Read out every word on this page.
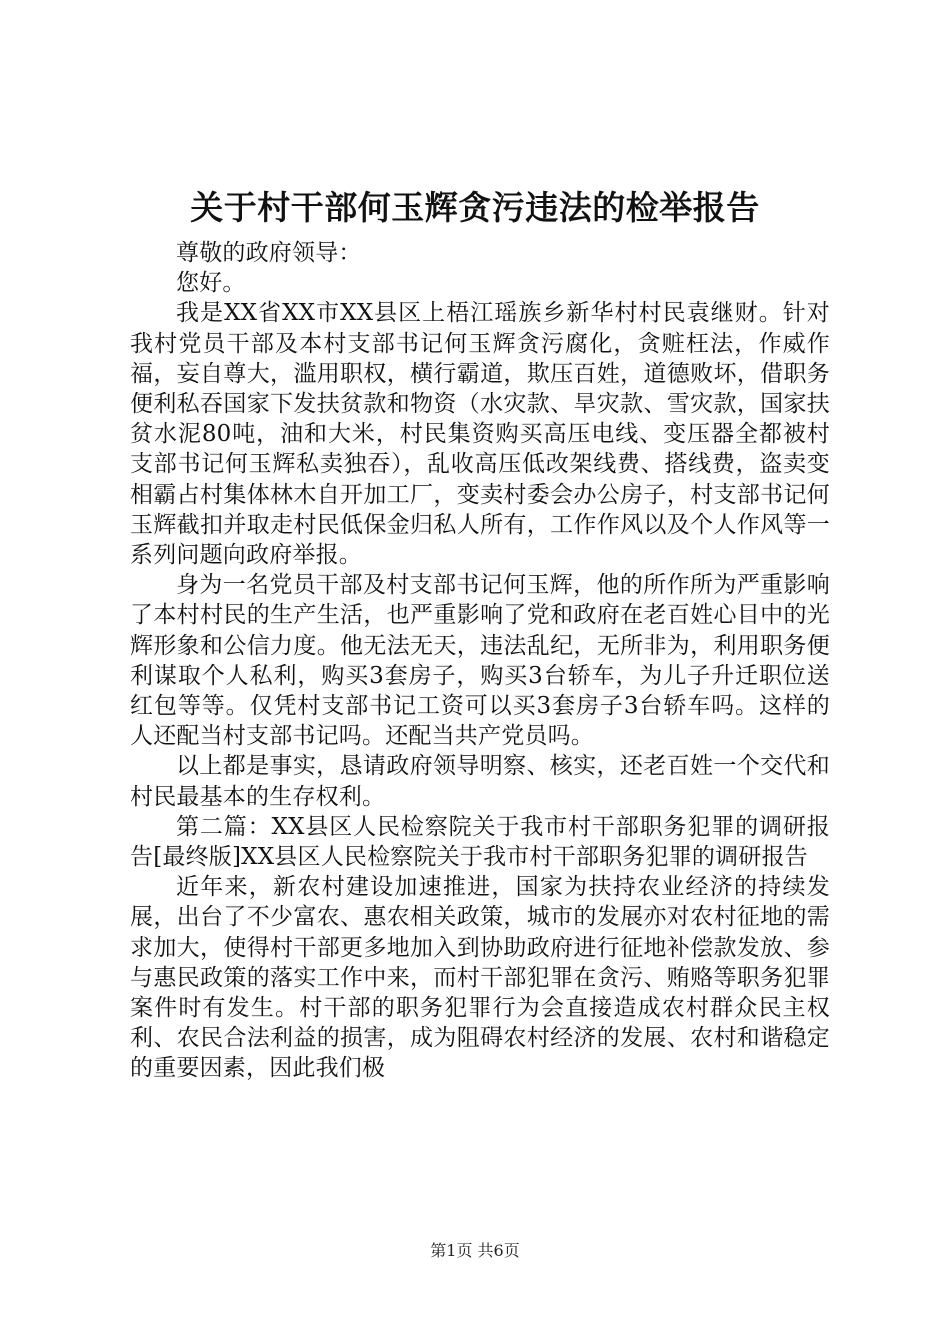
关于村干部何玉辉贪污违法的检举报告

尊敬的政府领导：

您好。

我是XX省XX市XX县区上梧江瑶族乡新华村村民袁继财。针对我村党员干部及本村支部书记何玉辉贪污腐化，贪赃枉法，作威作福，妄自尊大，滥用职权，横行霸道，欺压百姓，道德败坏，借职务便利私吞国家下发扶贫款和物资（水灾款、旱灾款、雪灾款，国家扶贫水泥80吨，油和大米，村民集资购买高压电线、变压器全都被村支部书记何玉辉私卖独吞），乱收高压低改架线费、搭线费，盗卖变相霸占村集体林木自开加工厂，变卖村委会办公房子，村支部书记何玉辉截扣并取走村民低保金归私人所有，工作作风以及个人作风等一系列问题向政府举报。

身为一名党员干部及村支部书记何玉辉，他的所作所为严重影响了本村村民的生产生活，也严重影响了党和政府在老百姓心目中的光辉形象和公信力度。他无法无天，违法乱纪，无所非为，利用职务便利谋取个人私利，购买3套房子，购买3台轿车，为儿子升迁职位送红包等等。仅凭村支部书记工资可以买3套房子3台轿车吗。这样的人还配当村支部书记吗。还配当共产党员吗。

以上都是事实，恳请政府领导明察、核实，还老百姓一个交代和村民最基本的生存权利。

第二篇：XX县区人民检察院关于我市村干部职务犯罪的调研报告[最终版]XX县区人民检察院关于我市村干部职务犯罪的调研报告

近年来，新农村建设加速推进，国家为扶持农业经济的持续发展，出台了不少富农、惠农相关政策，城市的发展亦对农村征地的需求加大，使得村干部更多地加入到协助政府进行征地补偿款发放、参与惠民政策的落实工作中来，而村干部犯罪在贪污、贿赂等职务犯罪案件时有发生。村干部的职务犯罪行为会直接造成农村群众民主权利、农民合法利益的损害，成为阻碍农村经济的发展、农村和谐稳定的重要因素，因此我们极

第1页 共6页
